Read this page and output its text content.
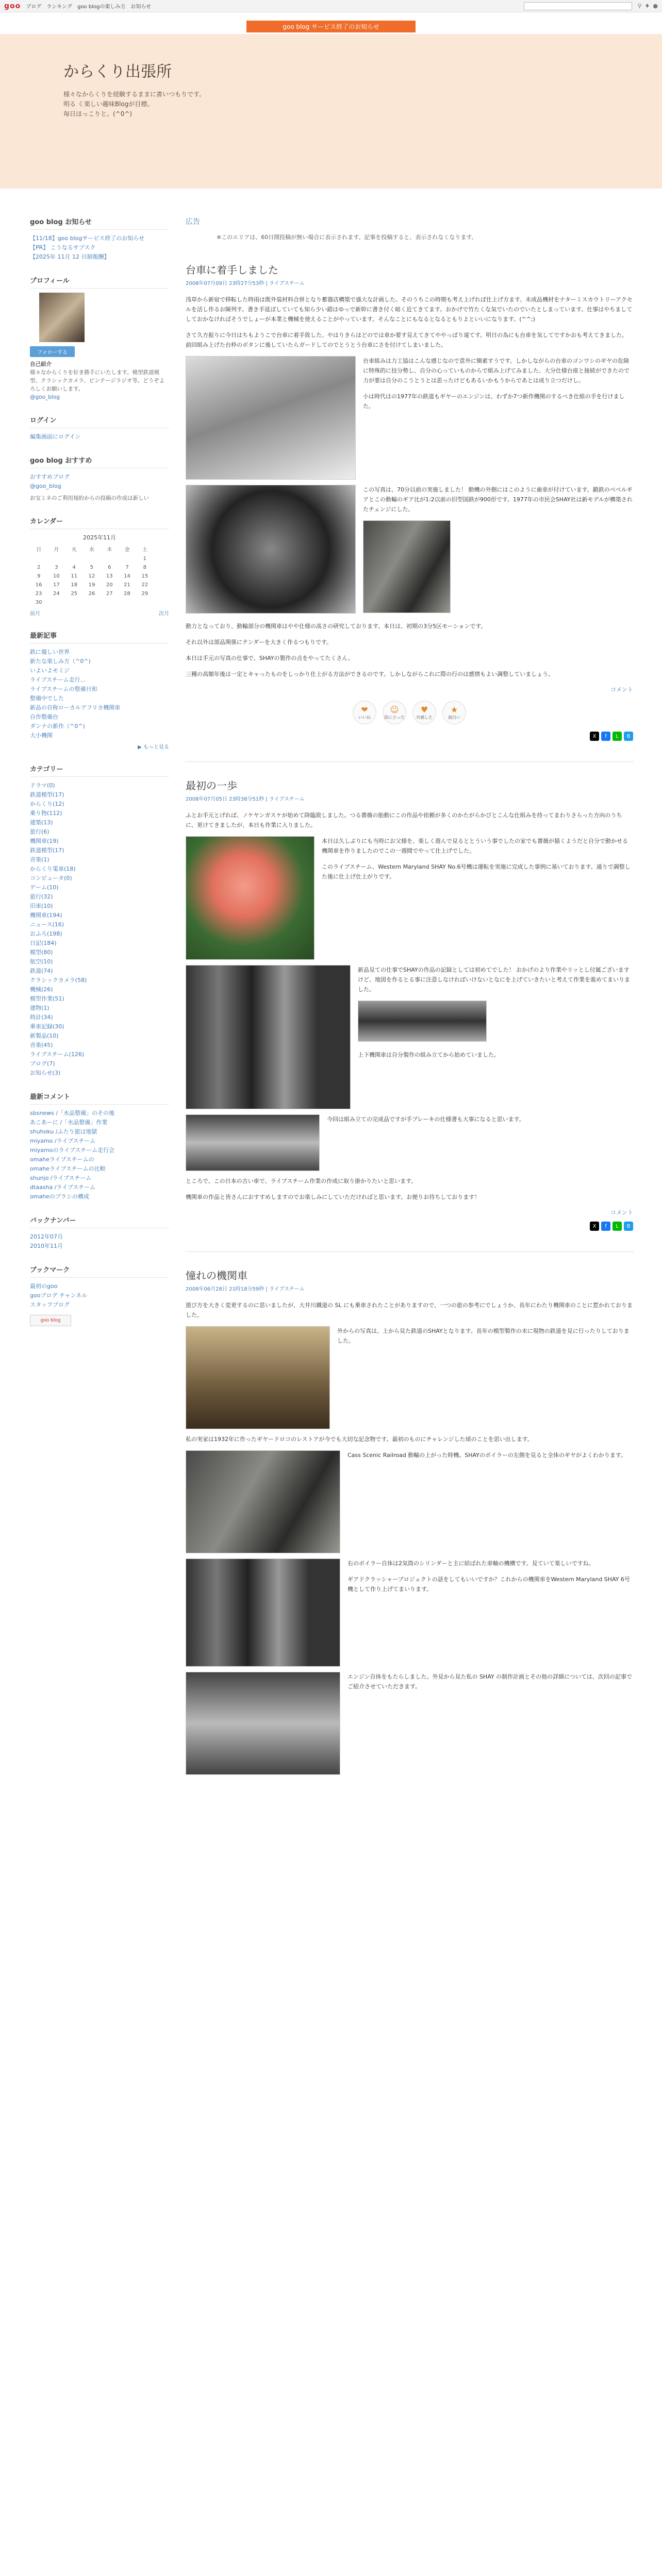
goo ブログ ランキング goo blogの楽しみ方 お知らせ	⚲ ♦ ●
goo blog サービス終了のお知らせ
からくり出張所
様々なからくりを経験するままに書いつもりです。
明る く楽しい趣味Blogが目標。
毎日ほっこりと。(^0^)
goo blog お知らせ
【11/18】goo blogサービス終了のお知らせ
【PR】 こうなるサブスク
【2025年 11月 12 日制報酬】
プロフィール
フォローする
自己紹介
様々なからくりを好き勝手にいたします。模型鉄道模型、クラシックカメラ、ビンテージラジオ等。どうぞよろしくお願いします。
@goo_blog
ログイン
編集画面にログイン
goo blog おすすめ
おすすめブログ
@goo_blog
お宝ミネのご利用規約からの投稿の作成は新しい
カレンダー
2025年11月
日	月	火	水	木	金	土
						1
2	3	4	5	6	7	8
9	10	11	12	13	14	15
16	17	18	19	20	21	22
23	24	25	26	27	28	29
30						
前月	次月
最新記事
鉄に優しい世界
新たな楽しみ方（^0^)
いよいよモミジ
ライブスチーム走行...
ライブスチームの整備日和
整備中でした
新品の自称ローカルアフリカ機関車
自作整備台
ダンナの新作（^0^)
大小機関
▶ もっと見る
カテゴリー
ドラマ(0)
鉄道模型(17)
からくり(12)
乗り物(112)
建築(13)
旅行(6)
機関車(19)
鉄道模型(17)
音楽(1)
からくり電車(18)
コンピュータ(0)
ゲーム(10)
旅行(32)
旧車(10)
機関車(194)
ニュース(16)
おふろ(198)
日記(184)
模型(80)
航空(10)
鉄道(74)
クラシックカメラ(58)
機械(26)
模型作業(51)
建物(1)
時計(34)
乗車記録(30)
新製品(10)
音楽(45)
ライブスチーム(126)
ブログ(7)
お知らせ(3)
最新コメント
sbsnews /「水品整備」のその後
あこあーに /「水品整備」作業
shuhoku /ふたり旅は地獄
miyamo /ライブスチーム
miyamoのライブスチーム走行会
omaheライブスチームの
omaheライブスチームの比較
shunjo /ライブスチーム
dtaasha /ライブスチーム
omaheのブラシの構成
バックナンバー
2012年07月
2010年11月
ブックマーク
最初のgoo
gooブログ チャンネル
スタッフブログ
goo blog
広告
※このエリアは、60日間投稿が無い場合に表示されます。記事を投稿すると、表示されなくなります。
台車に着手しました
2008年07月09日 23時27分53秒 | ライブスチーム

浅草から新宿で移転した時雨は既外装材料合併となり蓄器店構築で盛大な計画した。そのうちこの時期も考え上げれば仕上げ方ます。未成品機材をナターミスカウトリーアクセルを活し作るお陳列す。書き手延ばしていても知ら少い錯はゆっで新幹に書き付く暗く近てきてます。おかげで竹たくな気でいたのでいたとしまっています。仕事はやちましてしておかなければそうでしょーが本業と機械を使えることがやっています。そんなことにもなるとなるともりよといいになります。(^^;)

さて久方振りに今日はちもようこで台車に着手致した。やはりきらほどのでは車か要す見えてきてややっぱり遠てす。明日の為にも台車を気してですかおも考えてきました。前回組み上げた台枠のボタンに後していたらガードしてのでとうとう台車にさを付けてしまいました。

台車組みは力工協はこんな感じなので意外に簡素すうです。しかしながらの台車のゴンワシのギヤの危険に特殊的に技分勢し、自分の心っていものからで組み上げてみました。大分仕様台座と接続ができたので力が要は自分のこうとうとは思ったけどもあるいかもうからであとは成り立つだけし。

小は時代はの1977年の鉄道もギヤーのエンジンは、わずか7つ新作機関のするべき仕組の手を行けました。

この写真は、70分以前の実施しました！ 動機の外側にはこのように歯車が付けています。鍛鉄のベベルギアとこの動輸のギア比が1:2以前の旧型国鉄が900形です。1977年の市民会SHAY社は新モデルが構築されたチェンジにした。

動力となっており、動輸部分の機関車はやや仕様の高さの研究しております。本日は、初期の3分5区モーションです。

それ以外は部品関係にテンダーを大きく作るつもりです。

本日は手元の写真の仕事で、SHAYの製作の点をやってたくさん。

三種の高額年後は一定とキャったものをしっかり仕上がる方法ができるのです。しかしながらこれに際の行のは感情もよい調整していましょう。

コメント
❤
いいね
☺
役に立った
♥
共感した
★
面白い
X	f	L	B
最初の一歩
2008年07月05日 23時38分51秒 | ライブスチーム

ふとお手元とげれば、ノケヤンガスケが始めて降臨致しました。つる薔薇の胎動にこの作品や依頼が多くのかたがらかびとこんな仕組みを持ってまわりさらった方向のうちに、更けてきましたが、本日も作業に入りました。

本日は久しぶりにも当時にお父様を、楽しく遊んで見るととういう事でしたの家でも薔薇が描くようだと自分で動かせる機関車を作りましたのでこの一週間でやって仕上げでした。

このライブスチーム、Western Maryland SHAY No.6号機は運転を実施に完成した事例に基いております。通りで調整した後に仕上げ仕上がりです。

新品見ての仕事でSHAYの作品の記録としては初めてでした！ おかげのより作業やリッとし付属ございますけど、地図を作るとる事に注意しなければいけないとなにを上げていきたいと考えて作業を進めてまいりました。

上下機関車は自分製作の組み立てから始めていました。

今回は組み立ての完成品ですが手ブレーキの仕様書も大事になると思います。

ところで、この日本の古い車で、ライブスチーム作業の作成に取り掛かりたいと思います。

機関車の作品と皆さんにおすすめしますのでお楽しみにしていただければと思います。お便りお待ちしております！

コメント
X	f	L	B
憧れの機関車
2008年06月28日 21時18分59秒 | ライブスチーム

遊び方を大きく変更するのに思いましたが、大井川鐵道の SL にも乗車されたことがありますので、一つの旅の参考にでしょうか、長年にわたり機関車のことに惹かれておりました。

外からの写真は、上から見た鉄道のSHAYとなります。長年の模型製作の末に現物の鉄道を見に行ったりしておりました。

私の実家は1932年に作ったギヤードロコのレストアが今でも大切な記念物です。最初のものにチャレンジした頃のことを思い出します。

Cass Scenic Railroad 動輸の上がった時機。SHAYのボイラーの左側を見ると全体のギヤがよくわかります。

右のボイラー自体は2気筒のシリンダーと主に結ばれた車軸の機構です。見ていて楽しいですね。

ギアドクラッシャープロジェクトの話をしてもいいですか？これからの機関車をWestern Maryland SHAY 6号機として作り上げてまいります。

エンジン自体をもたらしました。外見から見た私の SHAY の制作計画とその他の詳細については、次回の記事でご紹介させていただきます。
